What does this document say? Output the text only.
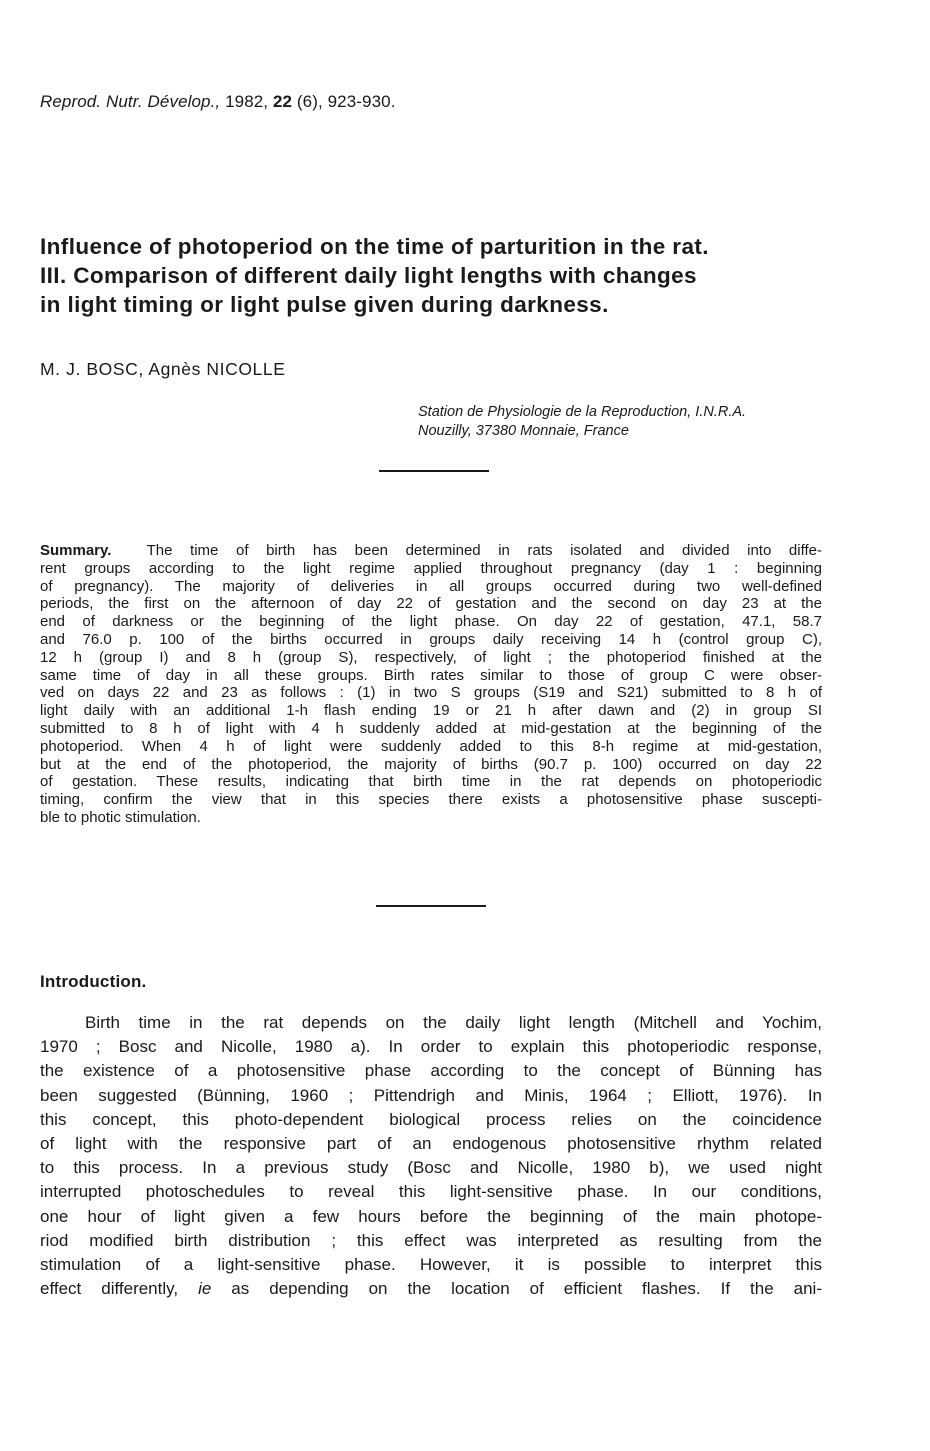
Reprod. Nutr. Dévelop., 1982, 22 (6), 923-930.
Influence of photoperiod on the time of parturition in the rat.
III. Comparison of different daily light lengths with changes
in light timing or light pulse given during darkness.
M. J. BOSC, Agnès NICOLLE
Station de Physiologie de la Reproduction, I.N.R.A.
Nouzilly, 37380 Monnaie, France
Summary. The time of birth has been determined in rats isolated and divided into diffe-
rent groups according to the light regime applied throughout pregnancy (day 1 : beginning
of pregnancy). The majority of deliveries in all groups occurred during two well-defined
periods, the first on the afternoon of day 22 of gestation and the second on day 23 at the
end of darkness or the beginning of the light phase. On day 22 of gestation, 47.1, 58.7
and 76.0 p. 100 of the births occurred in groups daily receiving 14 h (control group C),
12 h (group I) and 8 h (group S), respectively, of light ; the photoperiod finished at the
same time of day in all these groups. Birth rates similar to those of group C were obser-
ved on days 22 and 23 as follows : (1) in two S groups (S19 and S21) submitted to 8 h of
light daily with an additional 1-h flash ending 19 or 21 h after dawn and (2) in group SI
submitted to 8 h of light with 4 h suddenly added at mid-gestation at the beginning of the
photoperiod. When 4 h of light were suddenly added to this 8-h regime at mid-gestation,
but at the end of the photoperiod, the majority of births (90.7 p. 100) occurred on day 22
of gestation. These results, indicating that birth time in the rat depends on photoperiodic
timing, confirm the view that in this species there exists a photosensitive phase suscepti-
ble to photic stimulation.
Introduction.
Birth time in the rat depends on the daily light length (Mitchell and Yochim,
1970 ; Bosc and Nicolle, 1980 a). In order to explain this photoperiodic response,
the existence of a photosensitive phase according to the concept of Bünning has
been suggested (Bünning, 1960 ; Pittendrigh and Minis, 1964 ; Elliott, 1976). In
this concept, this photo-dependent biological process relies on the coincidence
of light with the responsive part of an endogenous photosensitive rhythm related
to this process. In a previous study (Bosc and Nicolle, 1980 b), we used night
interrupted photoschedules to reveal this light-sensitive phase. In our conditions,
one hour of light given a few hours before the beginning of the main photope-
riod modified birth distribution ; this effect was interpreted as resulting from the
stimulation of a light-sensitive phase. However, it is possible to interpret this
effect differently, ie as depending on the location of efficient flashes. If the ani-
